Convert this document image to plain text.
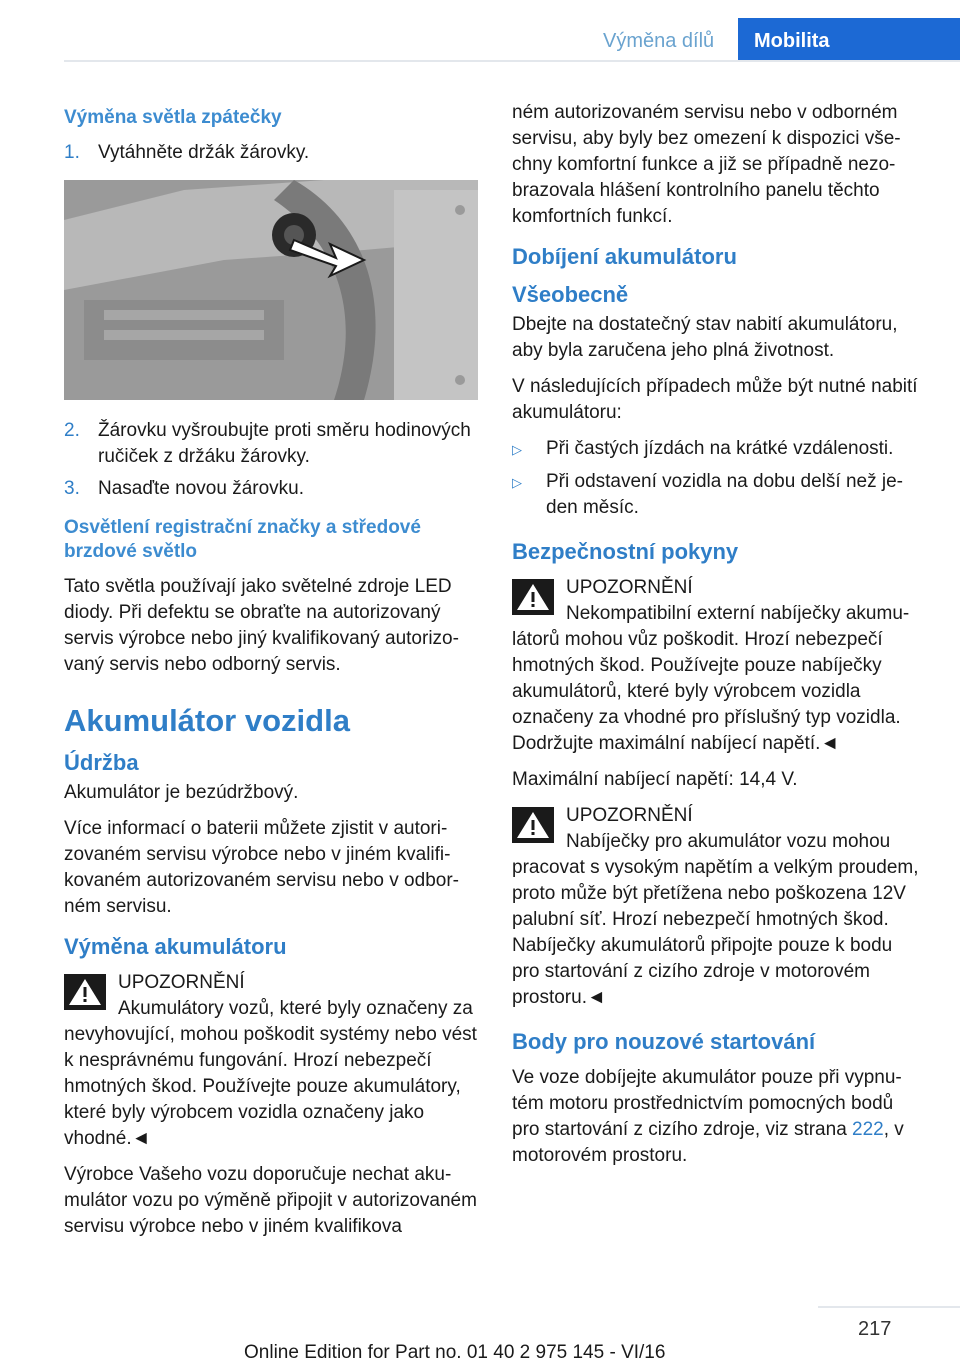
Výměna dílů Mobilita
Výměna světla zpátečky
1. Vytáhněte držák žárovky.
2. Žárovku vyšroubujte proti směru hodinových ručiček z držáku žárovky.
3. Nasaďte novou žárovku.
Osvětlení registrační značky a středové brzdové světlo

Tato světla používají jako světelné zdroje LED diody. Při defektu se obraťte na autorizovaný servis výrobce nebo jiný kvalifikovaný autorizovaný servis nebo odborný servis.

Akumulátor vozidla
Údržba

Akumulátor je bezúdržbový.

Více informací o baterii můžete zjistit v autorizovaném servisu výrobce nebo v jiném kvalifikovaném autorizovaném servisu nebo v odborném servisu.

Výměna akumulátoru
UPOZORNĚNÍ
Akumulátory vozů, které byly označeny za nevyhovující, mohou poškodit systémy nebo vést k nesprávnému fungování. Hrozí nebezpečí hmotných škod. Používejte pouze akumulátory, které byly výrobcem vozidla označeny jako vhodné.◄

Výrobce Vašeho vozu doporučuje nechat akumulátor vozu po výměně připojit v autorizovaném servisu výrobce nebo v jiném kvalifikova

ném autorizovaném servisu nebo v odborném servisu, aby byly bez omezení k dispozici všechny komfortní funkce a již se případně nezobrazovala hlášení kontrolního panelu těchto komfortních funkcí.

Dobíjení akumulátoru
Všeobecně

Dbejte na dostatečný stav nabití akumulátoru, aby byla zaručena jeho plná životnost.

V následujících případech může být nutné nabití akumulátoru:

▷	Při častých jízdách na krátké vzdálenosti.
▷	Při odstavení vozidla na dobu delší než jeden měsíc.
Bezpečnostní pokyny
UPOZORNĚNÍ
Nekompatibilní externí nabíječky akumulátorů mohou vůz poškodit. Hrozí nebezpečí hmotných škod. Používejte pouze nabíječky akumulátorů, které byly výrobcem vozidla označeny za vhodné pro příslušný typ vozidla. Dodržujte maximální nabíjecí napětí.◄

Maximální nabíjecí napětí: 14,4 V.

UPOZORNĚNÍ
Nabíječky pro akumulátor vozu mohou pracovat s vysokým napětím a velkým proudem, proto může být přetížena nebo poškozena 12V palubní síť. Hrozí nebezpečí hmotných škod. Nabíječky akumulátorů připojte pouze k bodu pro startování z cizího zdroje v motorovém prostoru.◄
Body pro nouzové startování

Ve voze dobíjejte akumulátor pouze při vypnutém motoru prostřednictvím pomocných bodů pro startování z cizího zdroje, viz strana 222, v motorovém prostoru.

217
Online Edition for Part no. 01 40 2 975 145 - VI/16
